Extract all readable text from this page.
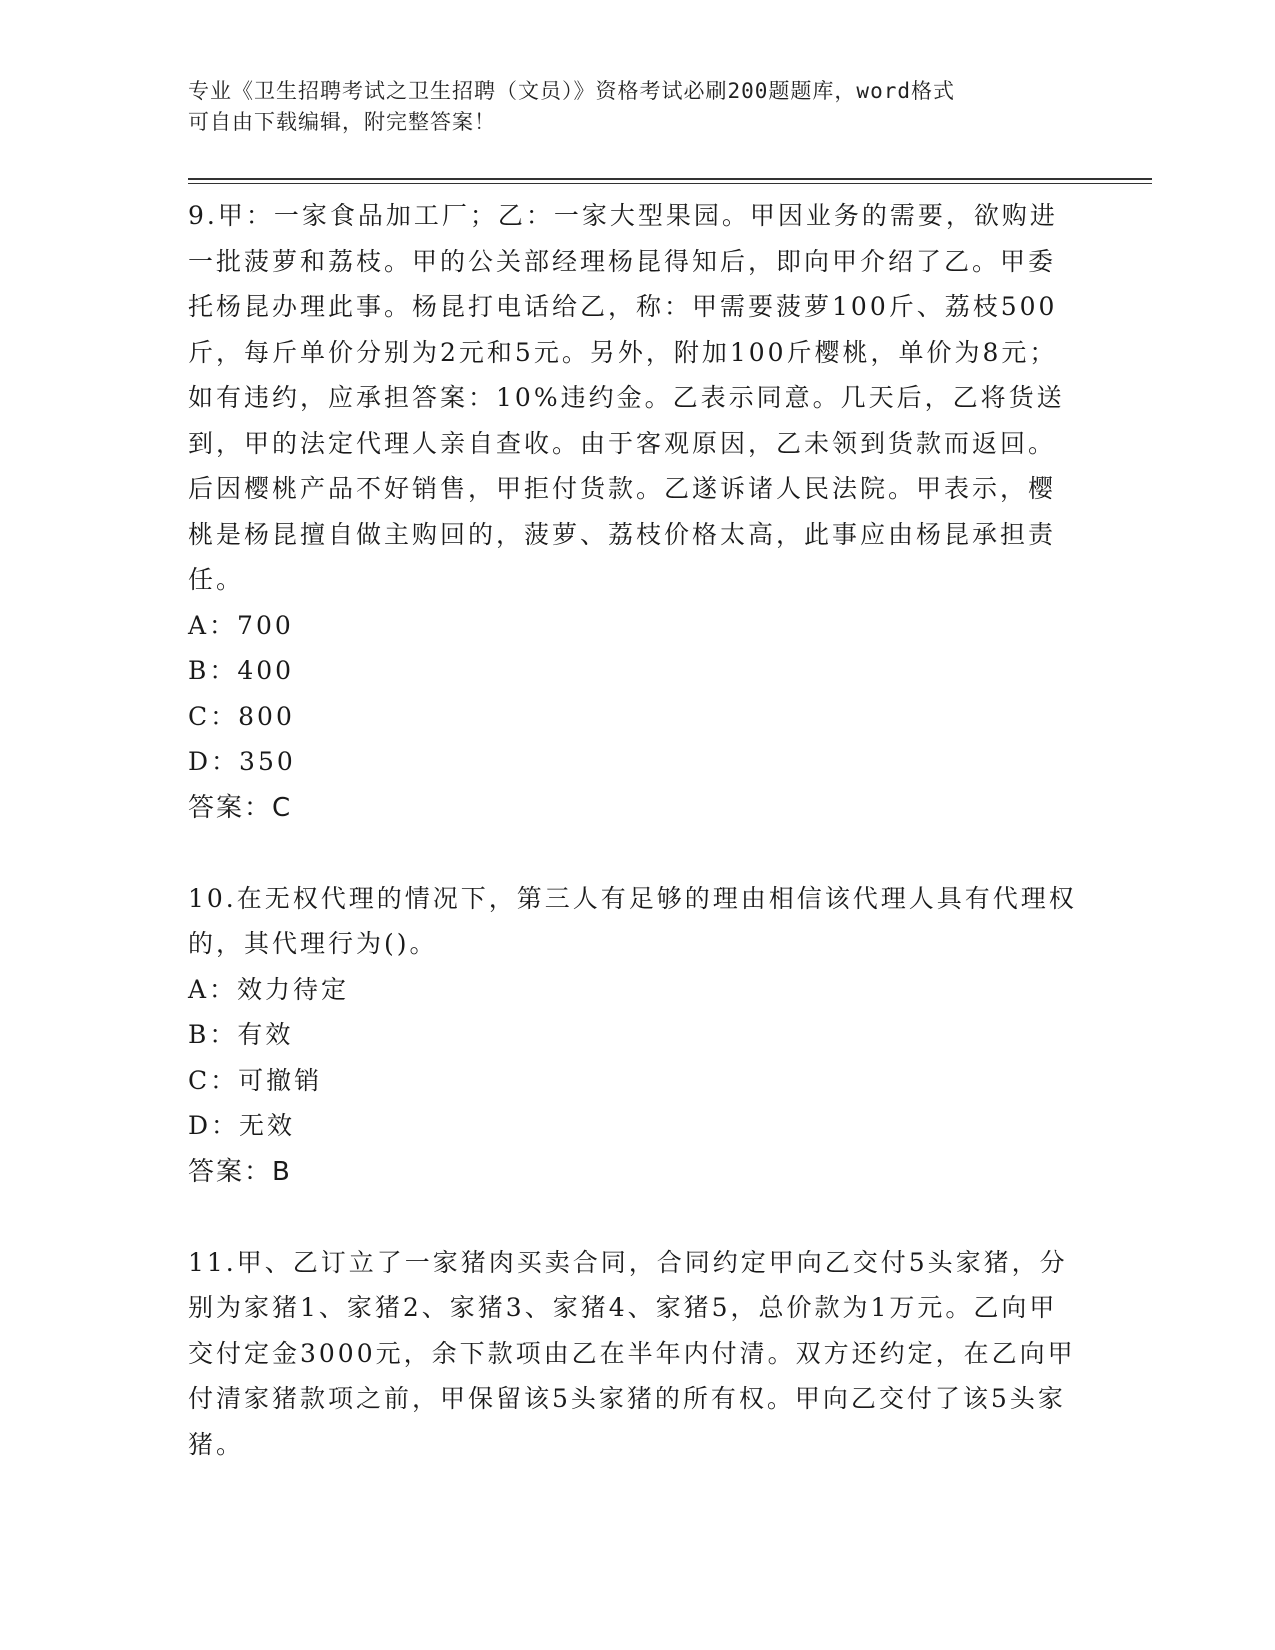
专业《卫生招聘考试之卫生招聘（文员）》资格考试必刷200题题库，word格式
可自由下载编辑，附完整答案！

9.甲：一家食品加工厂；乙：一家大型果园。甲因业务的需要，欲购进一批菠萝和荔枝。甲的公关部经理杨昆得知后，即向甲介绍了乙。甲委托杨昆办理此事。杨昆打电话给乙，称：甲需要菠萝100斤、荔枝500斤，每斤单价分别为2元和5元。另外，附加100斤樱桃，单价为8元；如有违约，应承担答案：10%违约金。乙表示同意。几天后，乙将货送到，甲的法定代理人亲自查收。由于客观原因，乙未领到货款而返回。后因樱桃产品不好销售，甲拒付货款。乙遂诉诸人民法院。甲表示，樱桃是杨昆擅自做主购回的，菠萝、荔枝价格太高，此事应由杨昆承担责任。

A：700

B：400

C：800

D：350

答案：C

10.在无权代理的情况下，第三人有足够的理由相信该代理人具有代理权的，其代理行为()。

A：效力待定

B：有效

C：可撤销

D：无效

答案：B

11.甲、乙订立了一家猪肉买卖合同，合同约定甲向乙交付5头家猪，分别为家猪1、家猪2、家猪3、家猪4、家猪5，总价款为1万元。乙向甲交付定金3000元，余下款项由乙在半年内付清。双方还约定，在乙向甲付清家猪款项之前，甲保留该5头家猪的所有权。甲向乙交付了该5头家猪。
